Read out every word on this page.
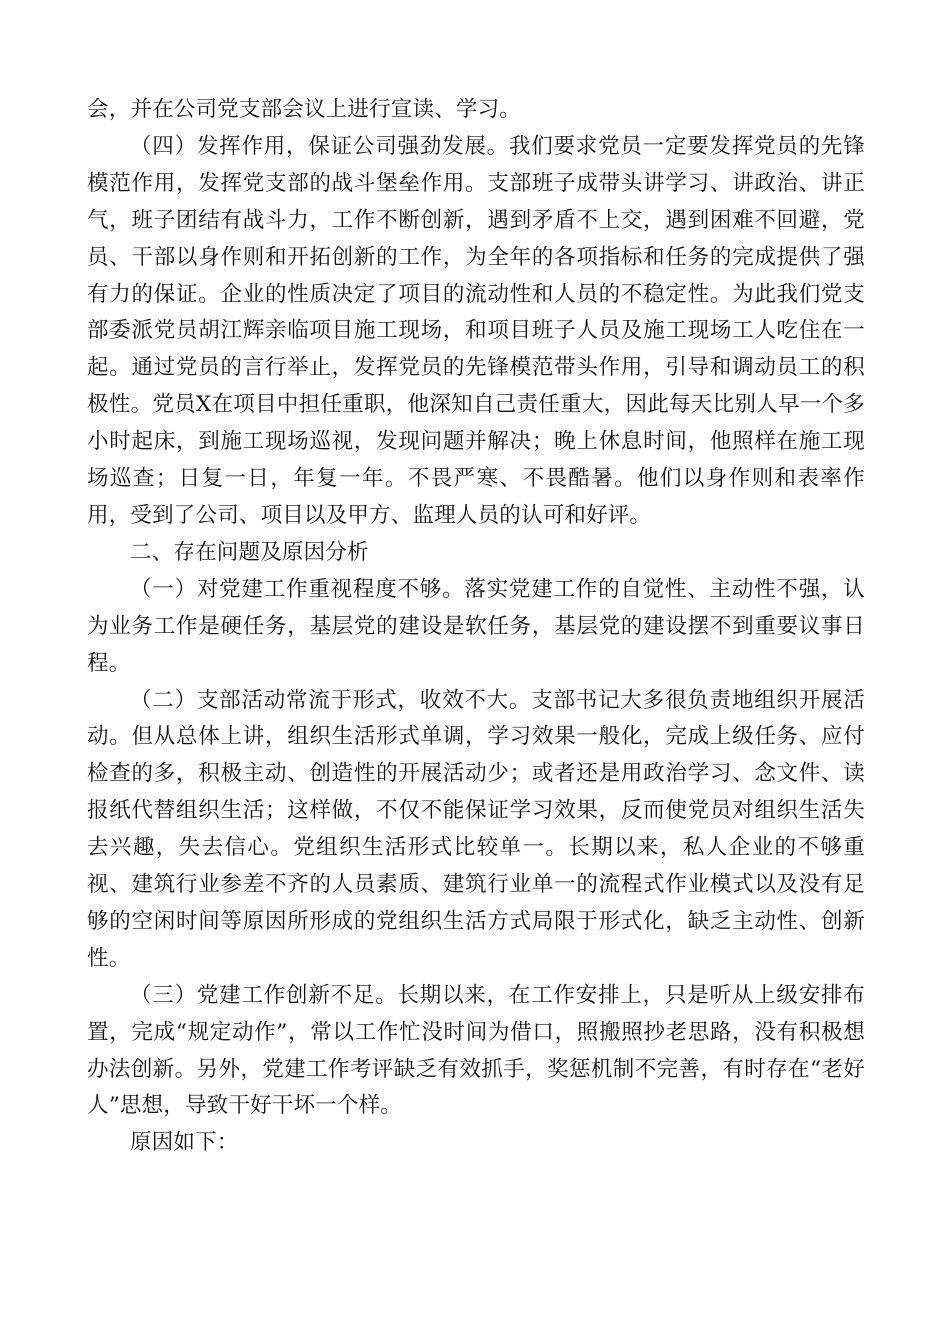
会，并在公司党支部会议上进行宣读、学习。

（四）发挥作用，保证公司强劲发展。我们要求党员一定要发挥党员的先锋模范作用，发挥党支部的战斗堡垒作用。支部班子成带头讲学习、讲政治、讲正气，班子团结有战斗力，工作不断创新，遇到矛盾不上交，遇到困难不回避，党员、干部以身作则和开拓创新的工作，为全年的各项指标和任务的完成提供了强有力的保证。企业的性质决定了项目的流动性和人员的不稳定性。为此我们党支部委派党员胡江辉亲临项目施工现场，和项目班子人员及施工现场工人吃住在一起。通过党员的言行举止，发挥党员的先锋模范带头作用，引导和调动员工的积极性。党员X在项目中担任重职，他深知自己责任重大，因此每天比别人早一个多小时起床，到施工现场巡视，发现问题并解决；晚上休息时间，他照样在施工现场巡查；日复一日，年复一年。不畏严寒、不畏酷暑。他们以身作则和表率作用，受到了公司、项目以及甲方、监理人员的认可和好评。

二、存在问题及原因分析

（一）对党建工作重视程度不够。落实党建工作的自觉性、主动性不强，认为业务工作是硬任务，基层党的建设是软任务，基层党的建设摆不到重要议事日程。

（二）支部活动常流于形式，收效不大。支部书记大多很负责地组织开展活动。但从总体上讲，组织生活形式单调，学习效果一般化，完成上级任务、应付检查的多，积极主动、创造性的开展活动少；或者还是用政治学习、念文件、读报纸代替组织生活；这样做，不仅不能保证学习效果，反而使党员对组织生活失去兴趣，失去信心。党组织生活形式比较单一。长期以来，私人企业的不够重视、建筑行业参差不齐的人员素质、建筑行业单一的流程式作业模式以及没有足够的空闲时间等原因所形成的党组织生活方式局限于形式化，缺乏主动性、创新性。

（三）党建工作创新不足。长期以来，在工作安排上，只是听从上级安排布置，完成“规定动作”，常以工作忙没时间为借口，照搬照抄老思路，没有积极想办法创新。另外，党建工作考评缺乏有效抓手，奖惩机制不完善，有时存在“老好人”思想，导致干好干坏一个样。

原因如下：
